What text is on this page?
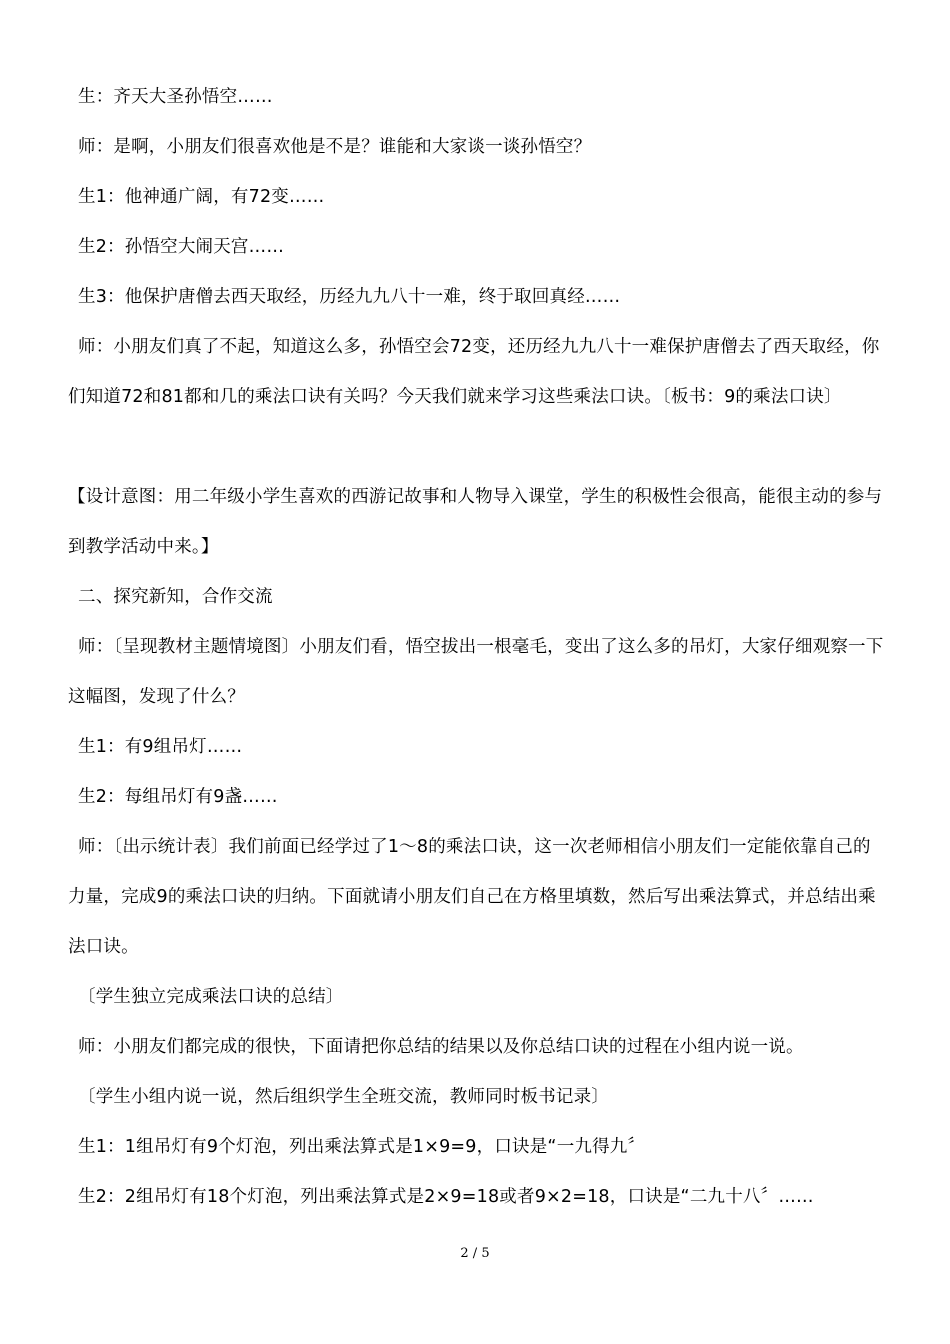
生：齐天大圣孙悟空……
师：是啊，小朋友们很喜欢他是不是？谁能和大家谈一谈孙悟空？
生1：他神通广阔，有72变……
生2：孙悟空大闹天宫……
生3：他保护唐僧去西天取经，历经九九八十一难，终于取回真经……
师：小朋友们真了不起，知道这么多，孙悟空会72变，还历经九九八十一难保护唐僧去了西天取经，你们知道72和81都和几的乘法口诀有关吗？今天我们就来学习这些乘法口诀。〔板书：9的乘法口诀〕
【设计意图：用二年级小学生喜欢的西游记故事和人物导入课堂，学生的积极性会很高，能很主动的参与到教学活动中来。】
二、探究新知，合作交流
师：〔呈现教材主题情境图〕小朋友们看，悟空拔出一根毫毛，变出了这么多的吊灯，大家仔细观察一下这幅图，发现了什么？
生1：有9组吊灯……
生2：每组吊灯有9盏……
师：〔出示统计表〕我们前面已经学过了1～8的乘法口诀，这一次老师相信小朋友们一定能依靠自己的力量，完成9的乘法口诀的归纳。下面就请小朋友们自己在方格里填数，然后写出乘法算式，并总结出乘法口诀。
〔学生独立完成乘法口诀的总结〕
师：小朋友们都完成的很快，下面请把你总结的结果以及你总结口诀的过程在小组内说一说。
〔学生小组内说一说，然后组织学生全班交流，教师同时板书记录〕
生1：1组吊灯有9个灯泡，列出乘法算式是1×9=9，口诀是“一九得九〞
生2：2组吊灯有18个灯泡，列出乘法算式是2×9=18或者9×2=18，口诀是“二九十八〞……
2 / 5
